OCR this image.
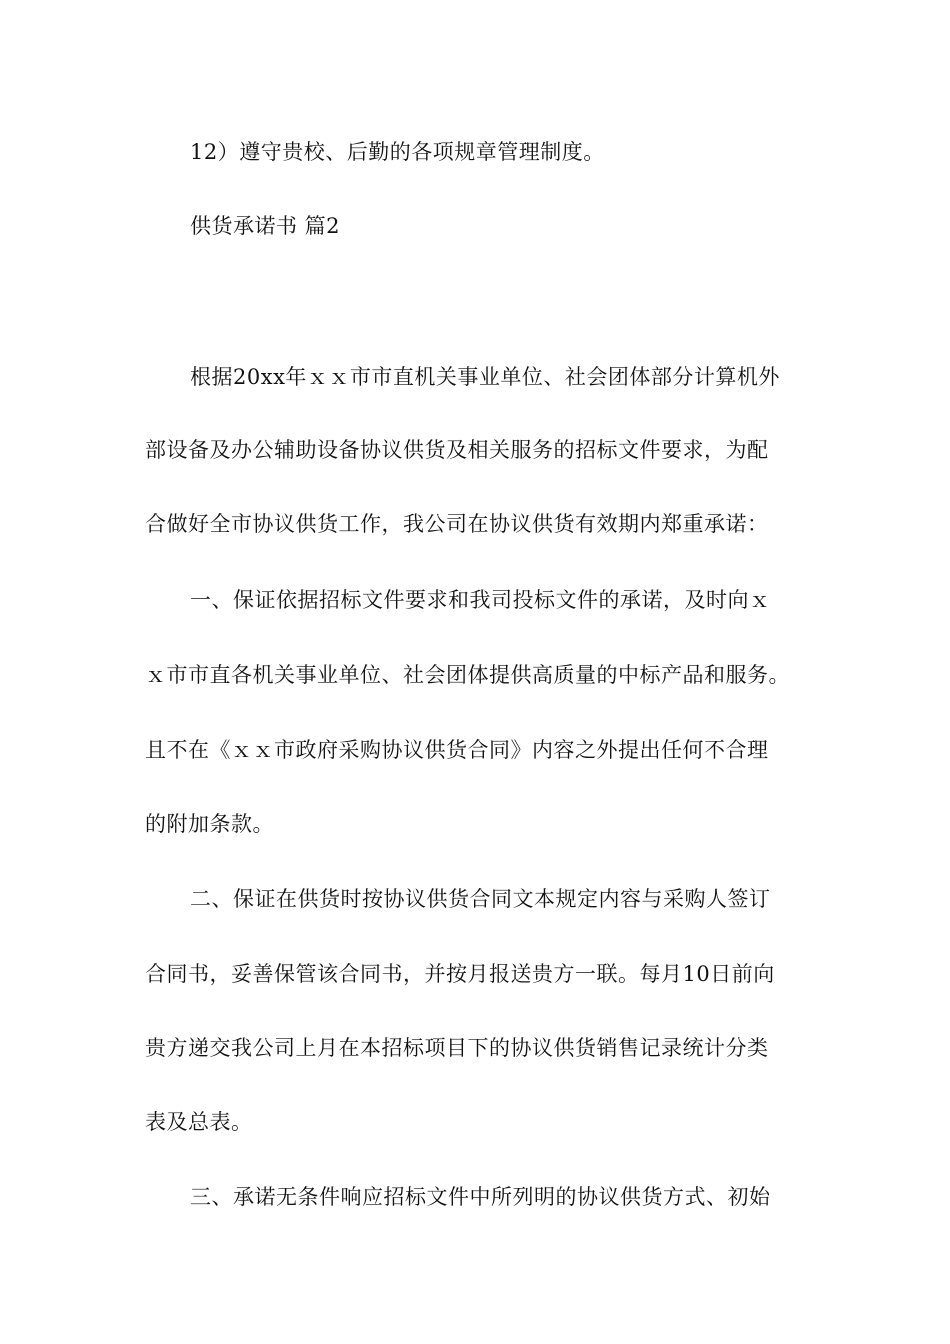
12）遵守贵校、后勤的各项规章管理制度。
供货承诺书 篇2
根据20xx年ｘｘ市市直机关事业单位、社会团体部分计算机外
部设备及办公辅助设备协议供货及相关服务的招标文件要求，为配
合做好全市协议供货工作，我公司在协议供货有效期内郑重承诺：
一、保证依据招标文件要求和我司投标文件的承诺，及时向ｘ
ｘ市市直各机关事业单位、社会团体提供高质量的中标产品和服务。
且不在《ｘｘ市政府采购协议供货合同》内容之外提出任何不合理
的附加条款。
二、保证在供货时按协议供货合同文本规定内容与采购人签订
合同书，妥善保管该合同书，并按月报送贵方一联。每月10日前向
贵方递交我公司上月在本招标项目下的协议供货销售记录统计分类
表及总表。
三、承诺无条件响应招标文件中所列明的协议供货方式、初始
